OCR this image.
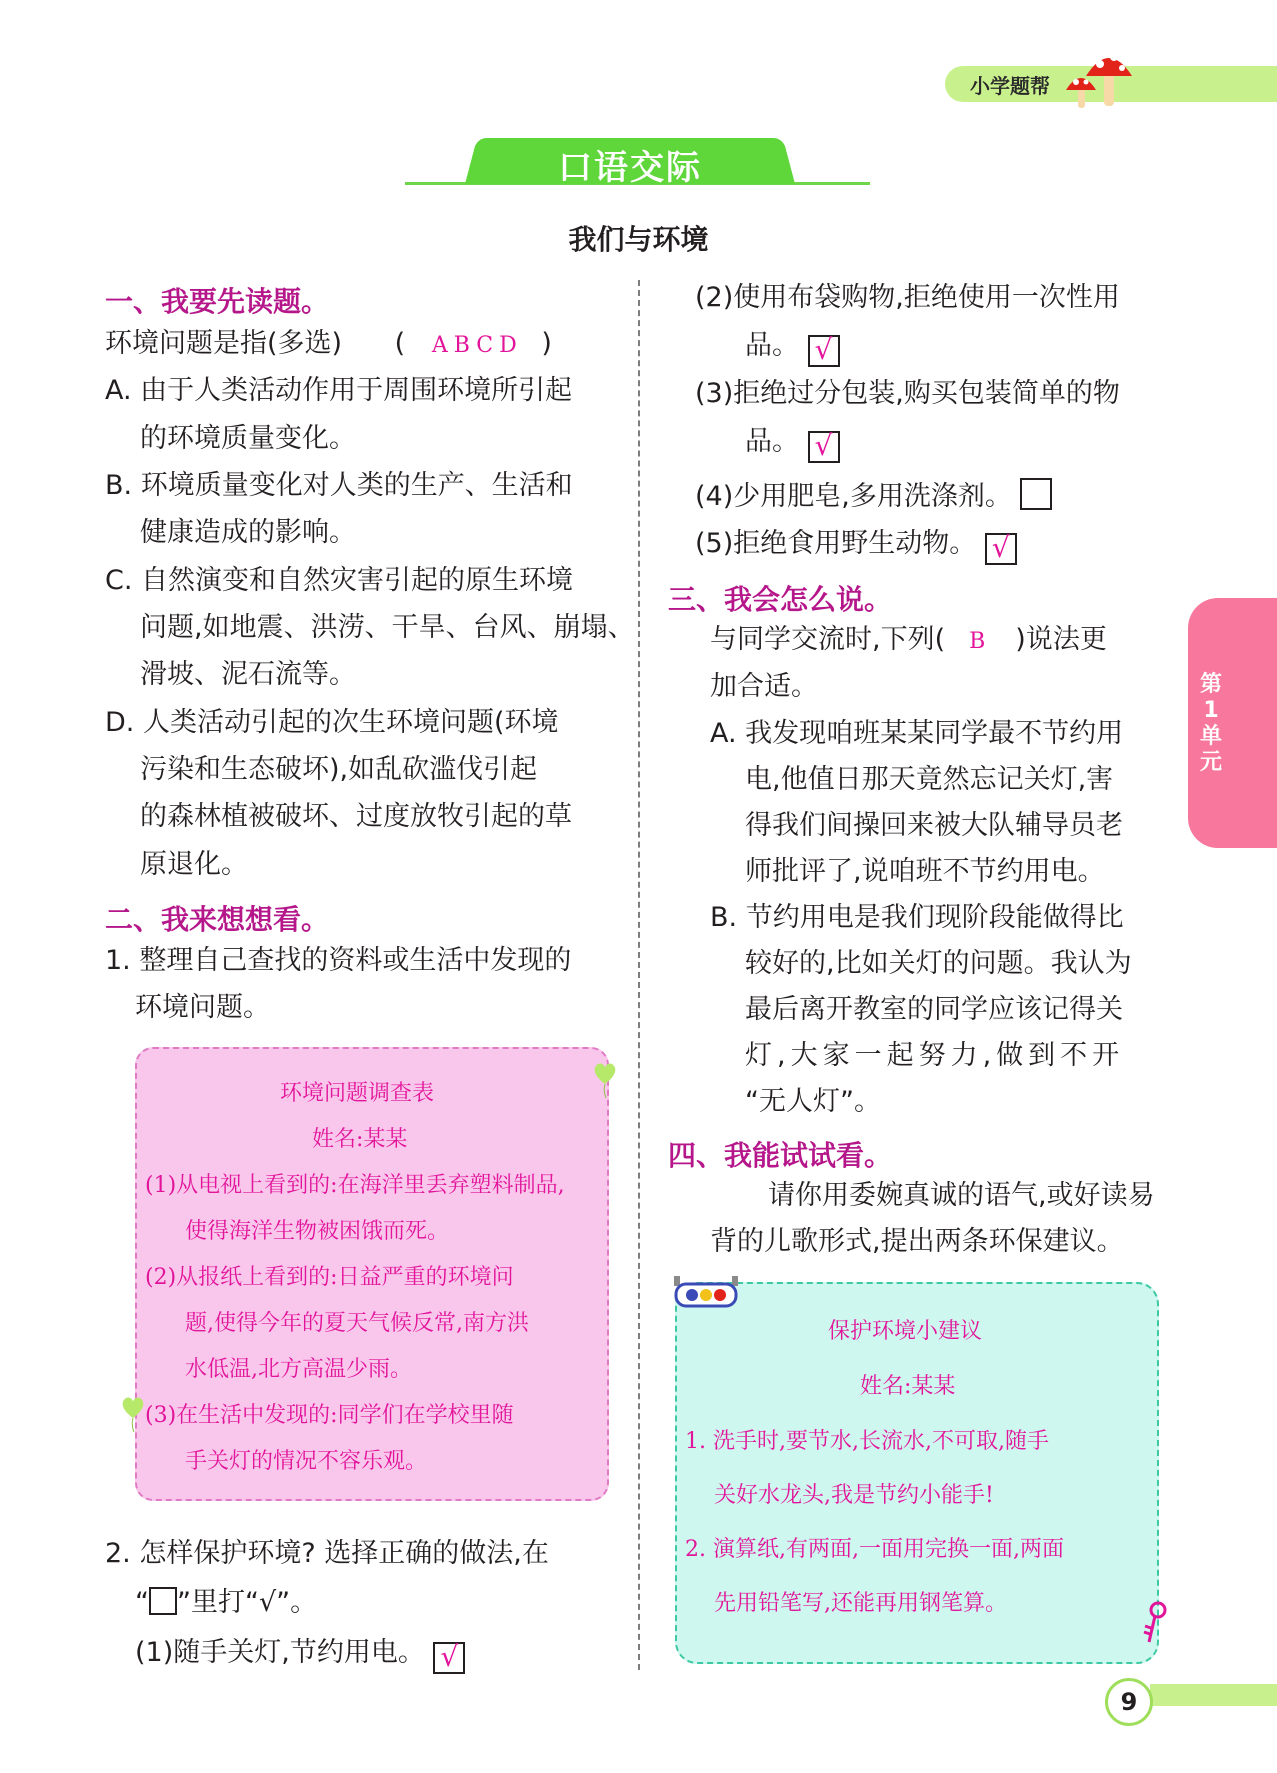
小学题帮
口语交际
我们与环境
一、我要先读题。
环境问题是指(多选) ( ABCD )
A. 由于人类活动作用于周围环境所引起
的环境质量变化。
B. 环境质量变化对人类的生产、生活和
健康造成的影响。
C. 自然演变和自然灾害引起的原生环境
问题,如地震、洪涝、干旱、台风、崩塌、
滑坡、泥石流等。
D. 人类活动引起的次生环境问题(环境
污染和生态破坏),如乱砍滥伐引起
的森林植被破坏、过度放牧引起的草
原退化。
二、我来想想看。
1. 整理自己查找的资料或生活中发现的
环境问题。
环境问题调查表
姓名:某某
(1)从电视上看到的:在海洋里丢弃塑料制品,
使得海洋生物被困饿而死。
(2)从报纸上看到的:日益严重的环境问
题,使得今年的夏天气候反常,南方洪
水低温,北方高温少雨。
(3)在生活中发现的:同学们在学校里随
手关灯的情况不容乐观。
2. 怎样保护环境? 选择正确的做法,在
“ ”里打“√”。
(1)随手关灯,节约用电。 √
(2)使用布袋购物,拒绝使用一次性用
品。 √
(3)拒绝过分包装,购买包装简单的物
品。 √
(4)少用肥皂,多用洗涤剂。
(5)拒绝食用野生动物。 √
三、我会怎么说。
与同学交流时,下列( B )说法更
加合适。
A. 我发现咱班某某同学最不节约用
电,他值日那天竟然忘记关灯,害
得我们间操回来被大队辅导员老
师批评了,说咱班不节约用电。
B. 节约用电是我们现阶段能做得比
较好的,比如关灯的问题。我认为
最后离开教室的同学应该记得关
灯,大家一起努力,做到不开
“无人灯”。
四、我能试试看。
请你用委婉真诚的语气,或好读易
背的儿歌形式,提出两条环保建议。
保护环境小建议
姓名:某某
1. 洗手时,要节水,长流水,不可取,随手
关好水龙头,我是节约小能手!
2. 演算纸,有两面,一面用完换一面,两面
先用铅笔写,还能再用钢笔算。
第1单元
9
